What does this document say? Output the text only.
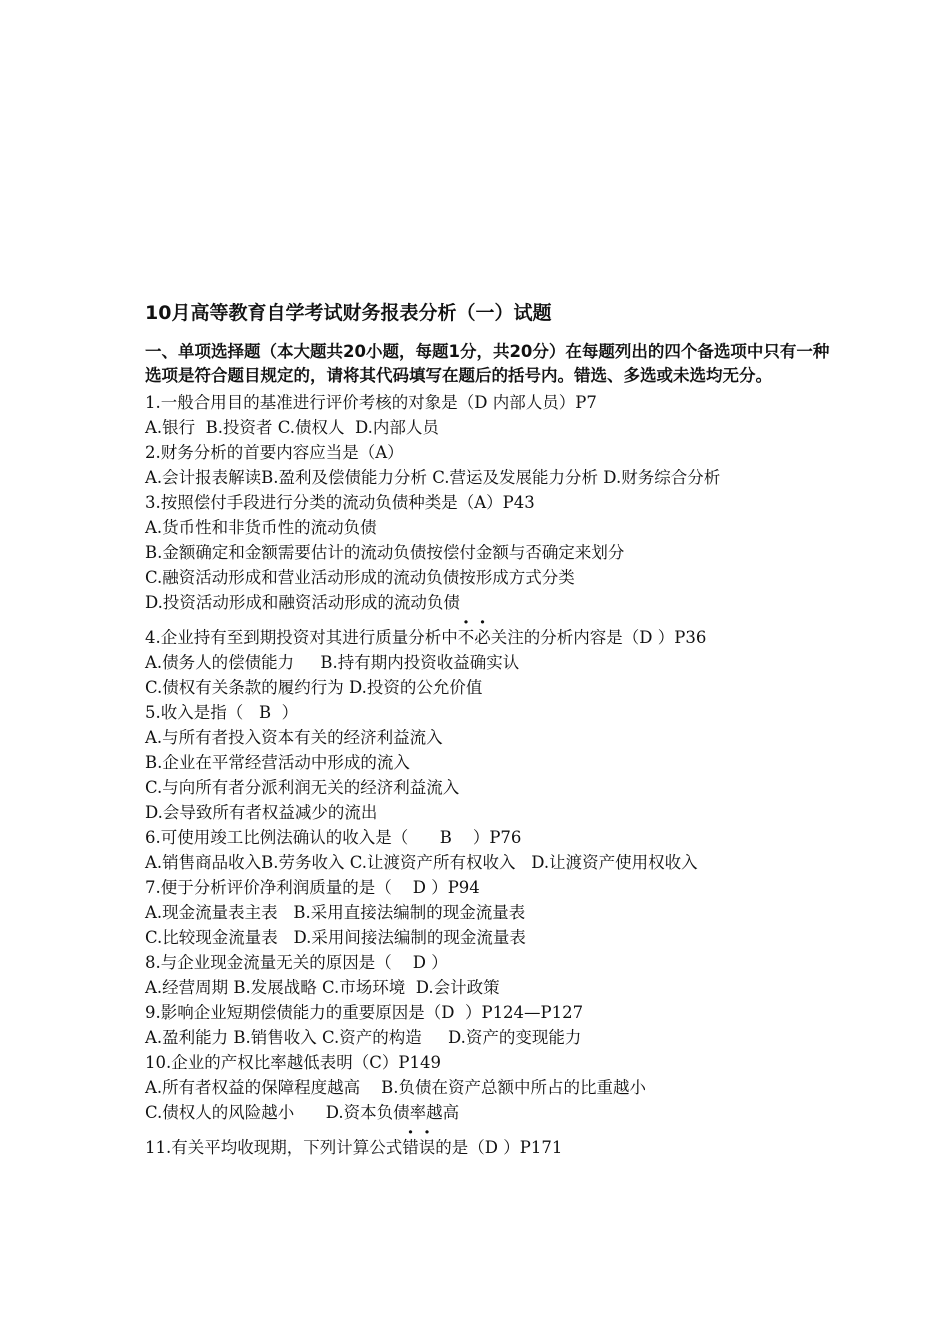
10月高等教育自学考试财务报表分析（一）试题
一、单项选择题（本大题共20小题，每题1分，共20分）在每题列出的四个备选项中只有一种选项是符合题目规定的，请将其代码填写在题后的括号内。错选、多选或未选均无分。
1.一般合用目的基准进行评价考核的对象是（D 内部人员）P7
A.银行  B.投资者 C.债权人  D.内部人员
2.财务分析的首要内容应当是（A）
A.会计报表解读B.盈利及偿债能力分析 C.营运及发展能力分析 D.财务综合分析
3.按照偿付手段进行分类的流动负债种类是（A）P43
A.货币性和非货币性的流动负债
B.金额确定和金额需要估计的流动负债按偿付金额与否确定来划分
C.融资活动形成和营业活动形成的流动负债按形成方式分类
D.投资活动形成和融资活动形成的流动负债
4.企业持有至到期投资对其进行质量分析中不必关注的分析内容是（D ）P36
A.债务人的偿债能力     B.持有期内投资收益确实认
C.债权有关条款的履约行为 D.投资的公允价值
5.收入是指（   B  ）
A.与所有者投入资本有关的经济利益流入
B.企业在平常经营活动中形成的流入
C.与向所有者分派利润无关的经济利益流入
D.会导致所有者权益减少的流出
6.可使用竣工比例法确认的收入是（      B    ）P76
A.销售商品收入B.劳务收入 C.让渡资产所有权收入   D.让渡资产使用权收入
7.便于分析评价净利润质量的是（    D ）P94
A.现金流量表主表   B.采用直接法编制的现金流量表
C.比较现金流量表   D.采用间接法编制的现金流量表
8.与企业现金流量无关的原因是（    D ）
A.经营周期 B.发展战略 C.市场环境  D.会计政策
9.影响企业短期偿债能力的重要原因是（D  ）P124—P127
A.盈利能力 B.销售收入 C.资产的构造     D.资产的变现能力
10.企业的产权比率越低表明（C）P149
A.所有者权益的保障程度越高    B.负债在资产总额中所占的比重越小
C.债权人的风险越小      D.资本负债率越高
11.有关平均收现期，下列计算公式错误的是（D ）P171
